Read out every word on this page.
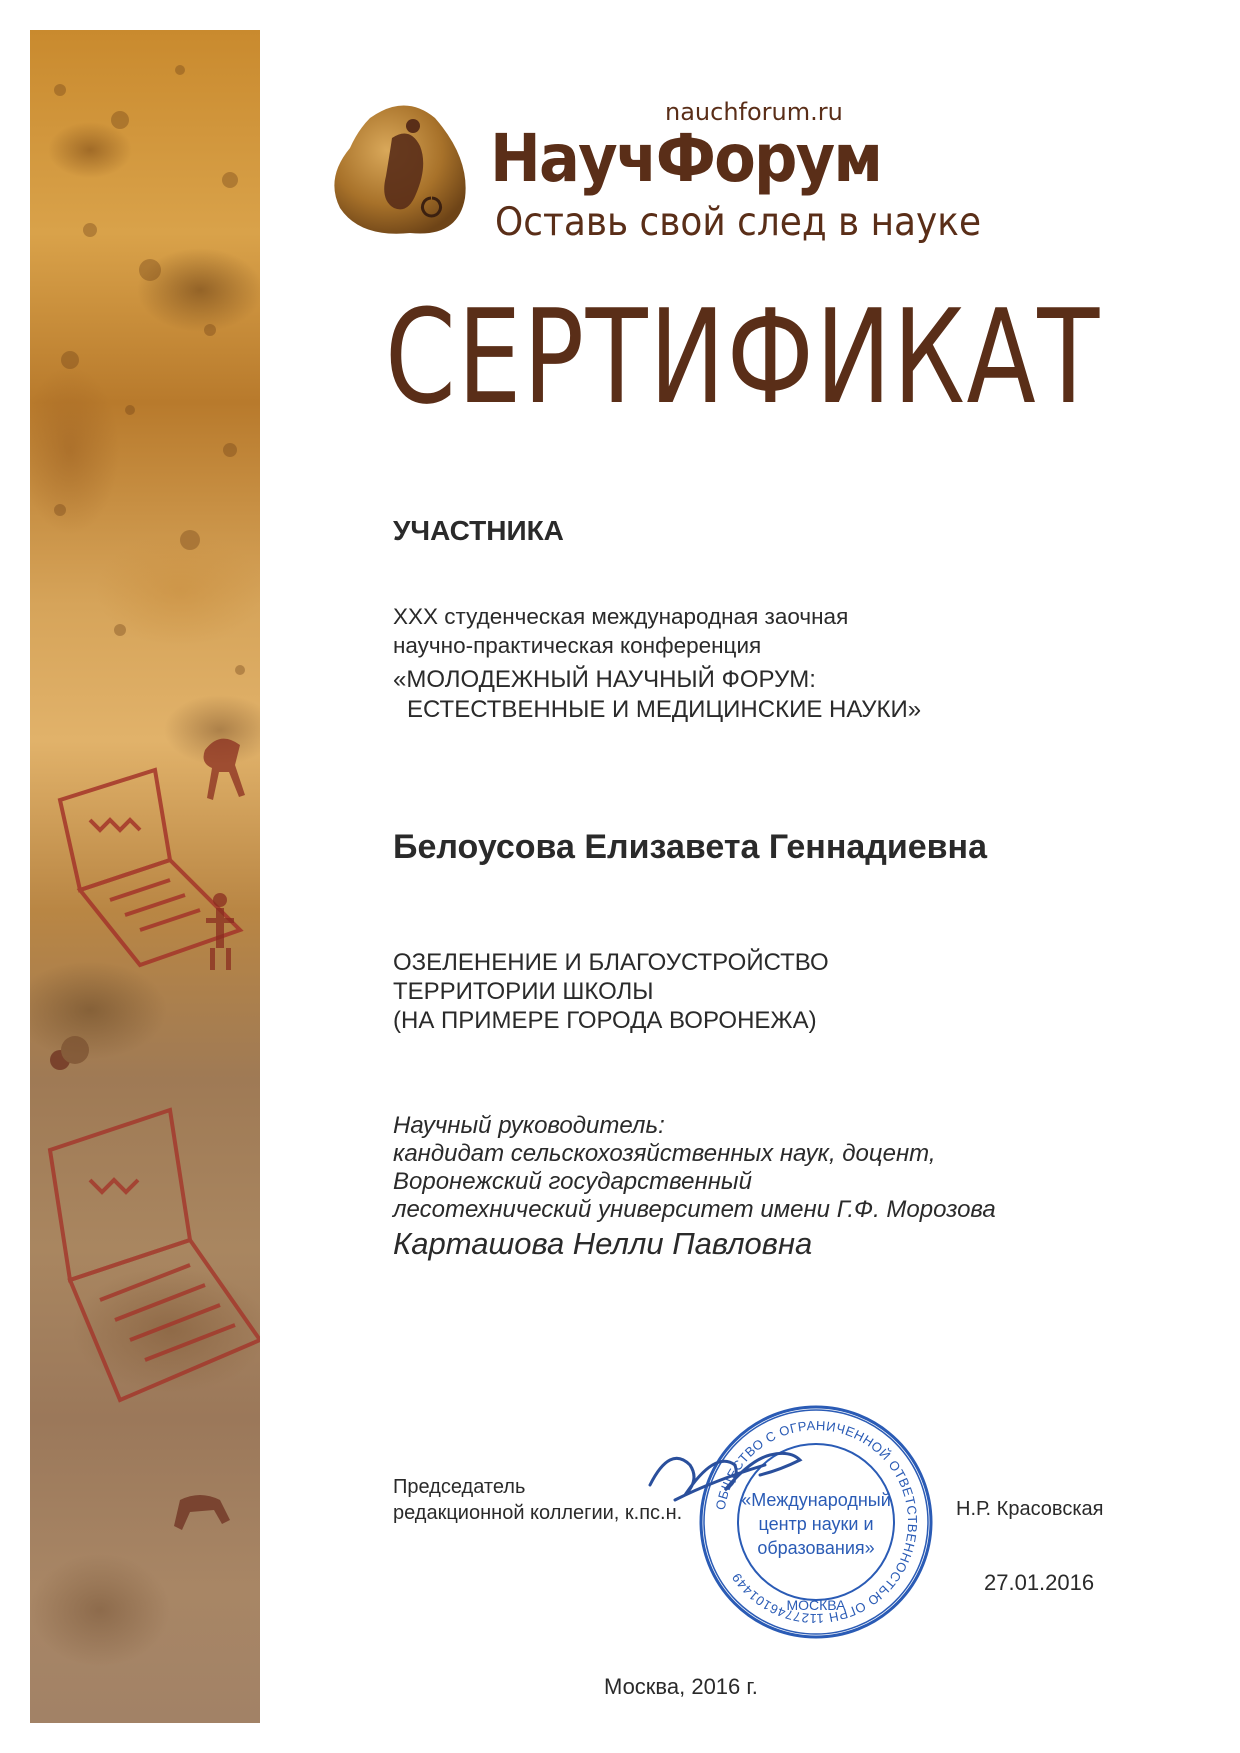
nauchforum.ru
НаучФорум
Оставь свой след в науке
СЕРТИФИКАТ
УЧАСТНИКА
XXX студенческая международная заочная
научно-практическая конференция
«МОЛОДЕЖНЫЙ НАУЧНЫЙ ФОРУМ:
ЕСТЕСТВЕННЫЕ И МЕДИЦИНСКИЕ НАУКИ»
Белоусова Елизавета Геннадиевна
ОЗЕЛЕНЕНИЕ И БЛАГОУСТРОЙСТВО
ТЕРРИТОРИИ ШКОЛЫ
(НА ПРИМЕРЕ ГОРОДА ВОРОНЕЖА)
Научный руководитель:
кандидат сельскохозяйственных наук, доцент,
Воронежский государственный
лесотехнический университет имени Г.Ф. Морозова
Карташова Нелли Павловна
Председатель
редакционной коллегии, к.пс.н.	Н.Р. Красовская
ОБЩЕСТВО С ОГРАНИЧЕННОЙ ОТВЕТСТВЕННОСТЬЮ ОГРН 1127746101449
МОСКВА
«Международный
центр науки и
образования»
27.01.2016
Москва, 2016 г.
